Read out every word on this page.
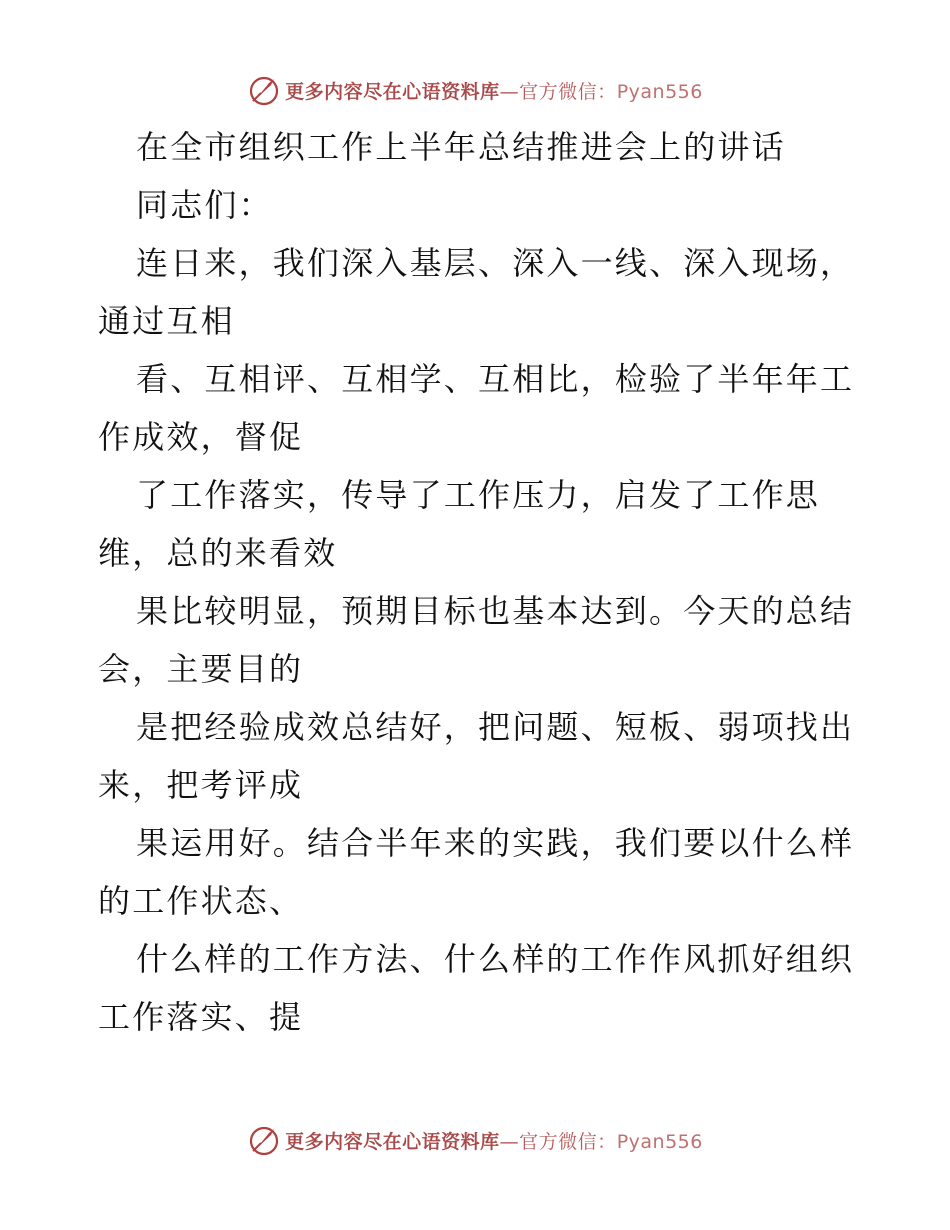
更多内容尽在心语资料库 — 官方微信： Pyan556
在全市组织工作上半年总结推进会上的讲话
同志们：
连日来，我们深入基层、深入一线、深入现场，
通过互相
看、互相评、互相学、互相比，检验了半年年工
作成效，督促
了工作落实，传导了工作压力，启发了工作思
维，总的来看效
果比较明显，预期目标也基本达到。今天的总结
会，主要目的
是把经验成效总结好，把问题、短板、弱项找出
来，把考评成
果运用好。结合半年来的实践，我们要以什么样
的工作状态、
什么样的工作方法、什么样的工作作风抓好组织
工作落实、提
更多内容尽在心语资料库 — 官方微信： Pyan556
